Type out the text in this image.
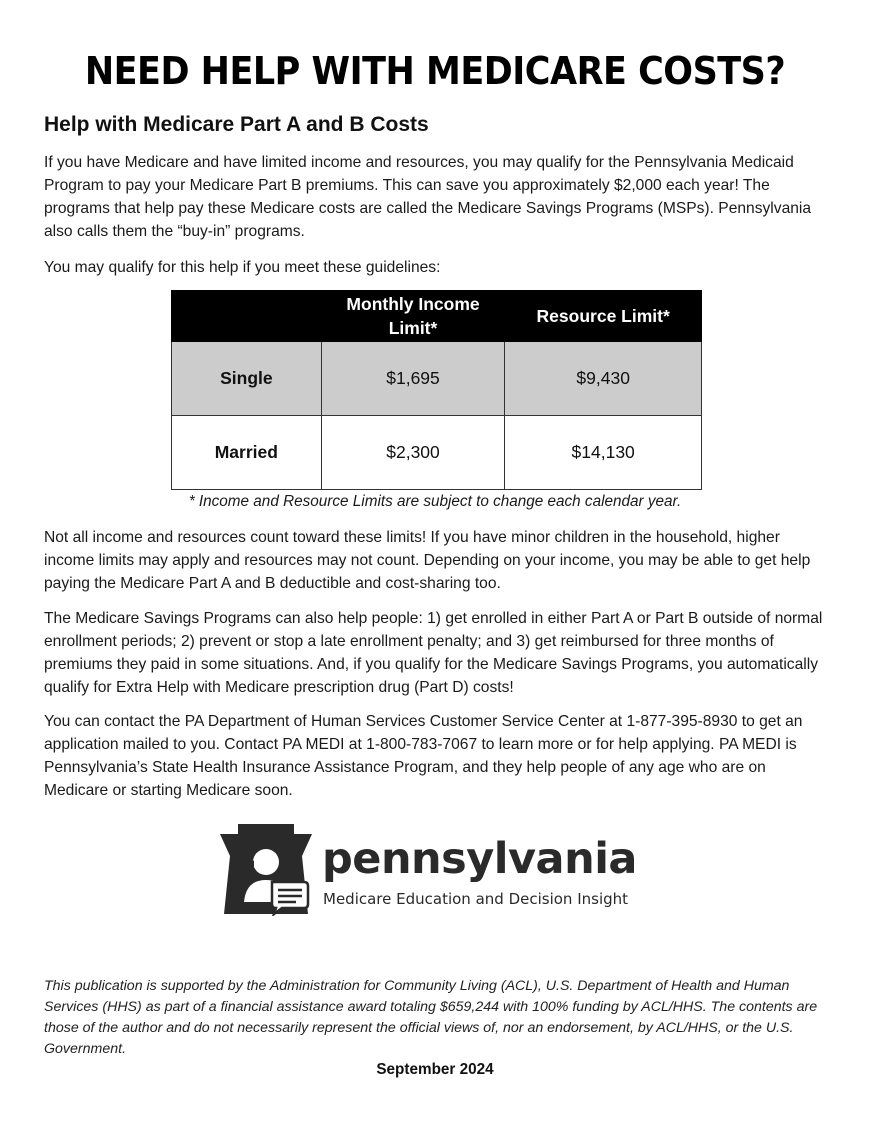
NEED HELP WITH MEDICARE COSTS?
Help with Medicare Part A and B Costs

If you have Medicare and have limited income and resources, you may qualify for the Pennsylvania Medicaid Program to pay your Medicare Part B premiums. This can save you approximately $2,000 each year! The programs that help pay these Medicare costs are called the Medicare Savings Programs (MSPs). Pennsylvania also calls them the “buy-in” programs.

You may qualify for this help if you meet these guidelines:

	Monthly Income Limit*	Resource Limit*
Single	$1,695	$9,430
Married	$2,300	$14,130

* Income and Resource Limits are subject to change each calendar year.

Not all income and resources count toward these limits! If you have minor children in the household, higher income limits may apply and resources may not count. Depending on your income, you may be able to get help paying the Medicare Part A and B deductible and cost-sharing too.

The Medicare Savings Programs can also help people: 1) get enrolled in either Part A or Part B outside of normal enrollment periods; 2) prevent or stop a late enrollment penalty; and 3) get reimbursed for three months of premiums they paid in some situations. And, if you qualify for the Medicare Savings Programs, you automatically qualify for Extra Help with Medicare prescription drug (Part D) costs!

You can contact the PA Department of Human Services Customer Service Center at 1-877-395-8930 to get an application mailed to you. Contact PA MEDI at 1-800-783-7067 to learn more or for help applying. PA MEDI is Pennsylvania’s State Health Insurance Assistance Program, and they help people of any age who are on Medicare or starting Medicare soon.

pennsylvania
Medicare Education and Decision Insight

This publication is supported by the Administration for Community Living (ACL), U.S. Department of Health and Human Services (HHS) as part of a financial assistance award totaling $659,244 with 100% funding by ACL/HHS. The contents are those of the author and do not necessarily represent the official views of, nor an endorsement, by ACL/HHS, or the U.S. Government.

September 2024
